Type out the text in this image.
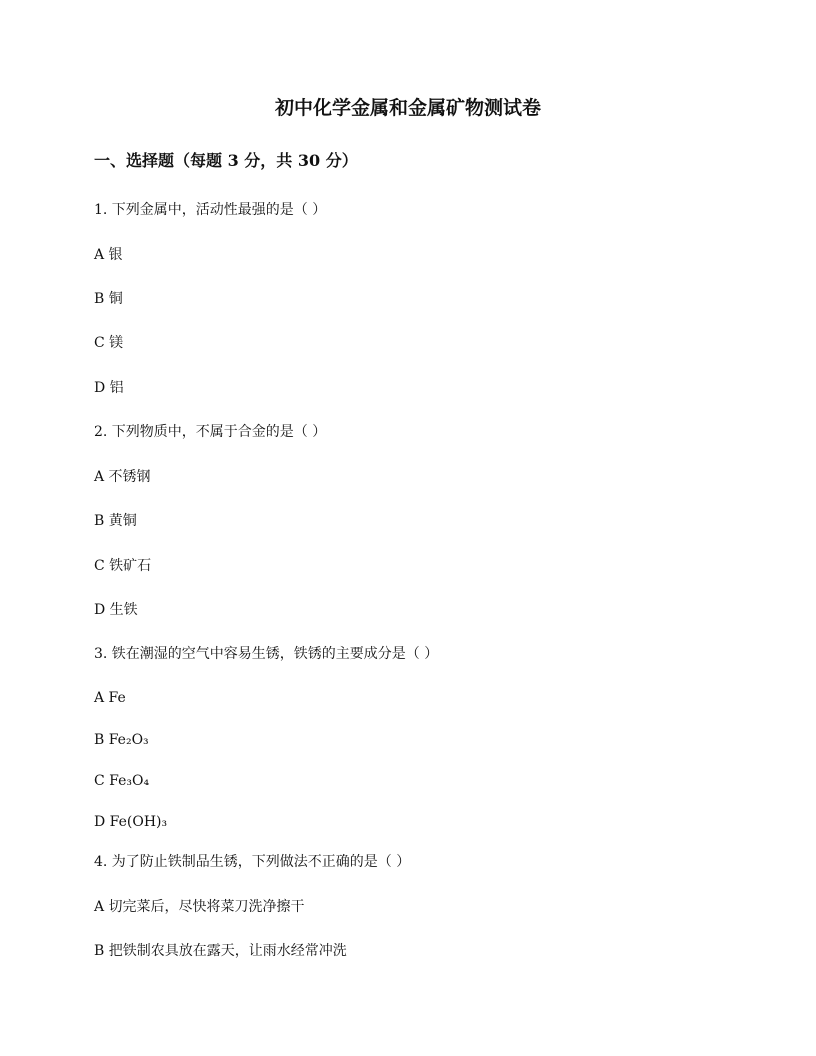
初中化学金属和金属矿物测试卷
一、选择题（每题 3 分，共 30 分）
1. 下列金属中，活动性最强的是（ ）
A 银
B 铜
C 镁
D 铝
2. 下列物质中，不属于合金的是（ ）
A 不锈钢
B 黄铜
C 铁矿石
D 生铁
3. 铁在潮湿的空气中容易生锈，铁锈的主要成分是（ ）
A Fe
B Fe₂O₃
C Fe₃O₄
D Fe(OH)₃
4. 为了防止铁制品生锈，下列做法不正确的是（ ）
A 切完菜后，尽快将菜刀洗净擦干
B 把铁制农具放在露天，让雨水经常冲洗
